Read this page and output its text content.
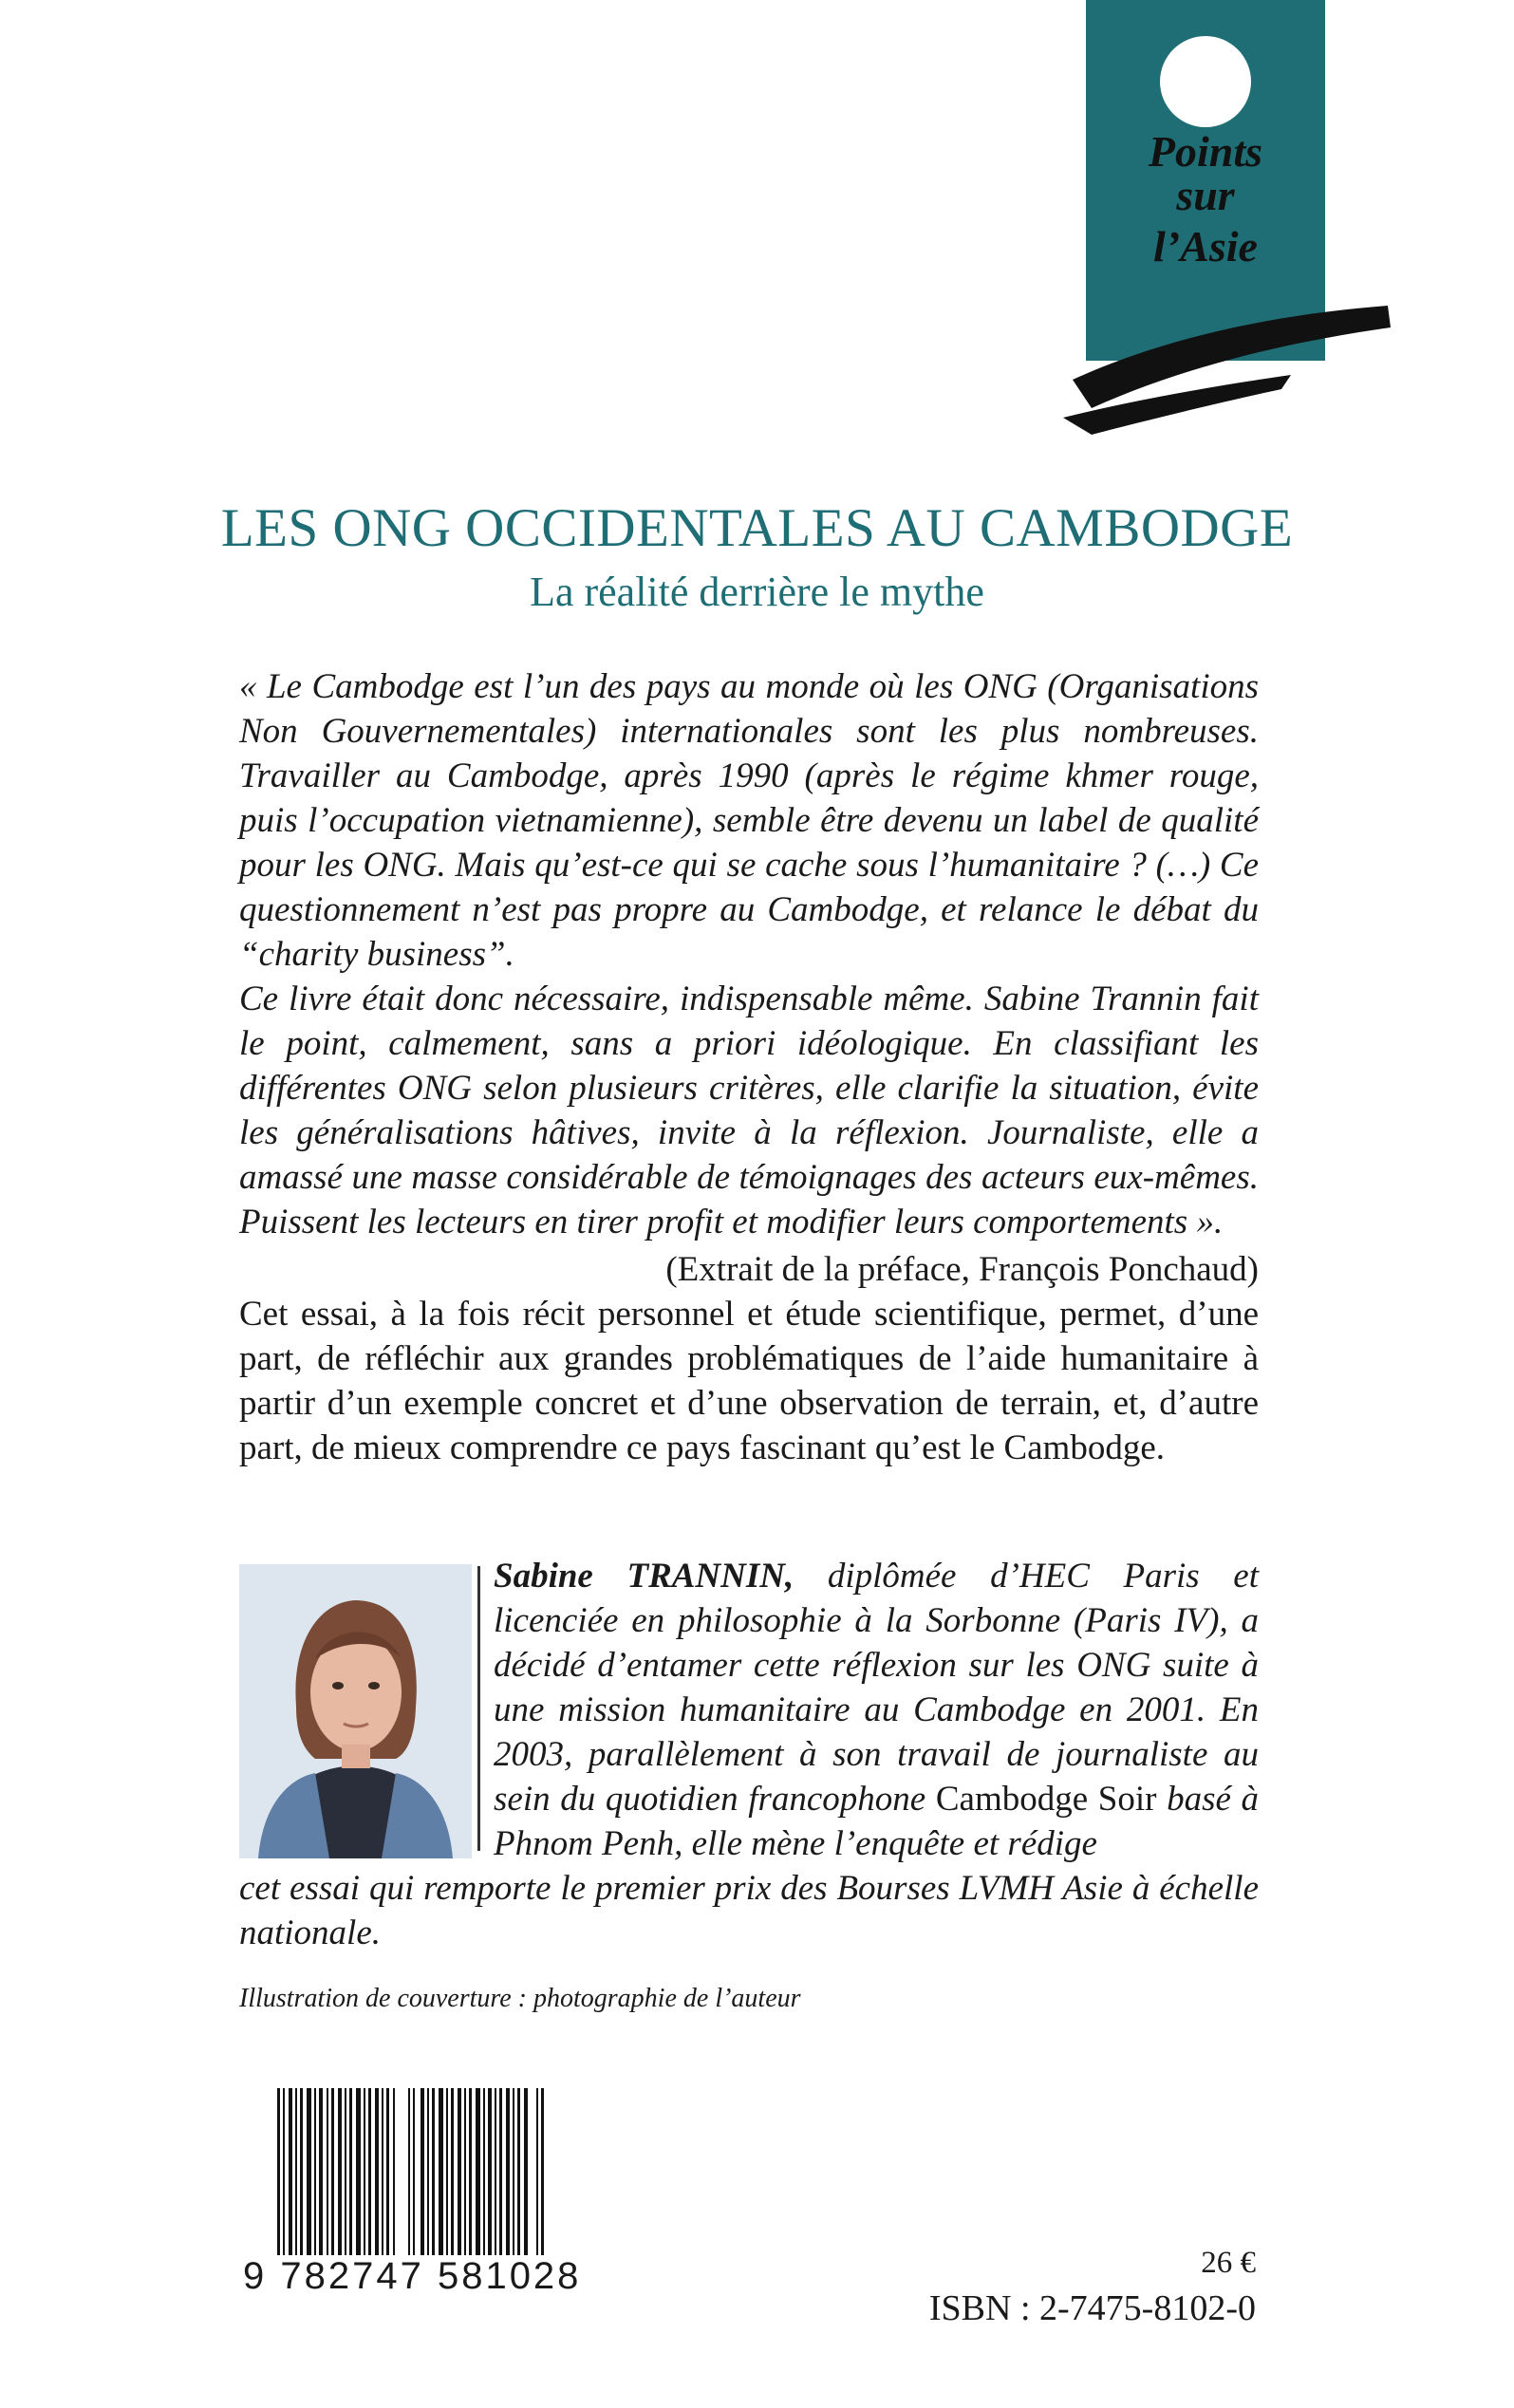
Points
sur
l’Asie
LES ONG OCCIDENTALES AU CAMBODGE
La réalité derrière le mythe

« Le Cambodge est l’un des pays au monde où les ONG (Organisations Non Gouvernementales) internationales sont les plus nombreuses. Travailler au Cambodge, après 1990 (après le régime khmer rouge, puis l’occupation vietnamienne), semble être devenu un label de qualité pour les ONG. Mais qu’est-ce qui se cache sous l’humanitaire ? (…) Ce questionnement n’est pas propre au Cambodge, et relance le débat du “charity business”.

Ce livre était donc nécessaire, indispensable même. Sabine Trannin fait le point, calmement, sans a priori idéologique. En classifiant les différentes ONG selon plusieurs critères, elle clarifie la situation, évite les généralisations hâtives, invite à la réflexion. Journaliste, elle a amassé une masse considérable de témoignages des acteurs eux-mêmes. Puissent les lecteurs en tirer profit et modifier leurs comportements ».

(Extrait de la préface, François Ponchaud)

Cet essai, à la fois récit personnel et étude scientifique, permet, d’une part, de réfléchir aux grandes problématiques de l’aide humanitaire à partir d’un exemple concret et d’une observation de terrain, et, d’autre part, de mieux comprendre ce pays fascinant qu’est le Cambodge.

Sabine TRANNIN, diplômée d’HEC Paris et licenciée en philosophie à la Sorbonne (Paris IV), a décidé d’entamer cette réflexion sur les ONG suite à une mission humanitaire au Cambodge en 2001. En 2003, parallèlement à son travail de journaliste au sein du quotidien francophone Cambodge Soir basé à Phnom Penh, elle mène l’enquête et rédige
cet essai qui remporte le premier prix des Bourses LVMH Asie à échelle nationale.
Illustration de couverture : photographie de l’auteur
9 782747 581028	26 €
ISBN : 2-7475-8102-0
